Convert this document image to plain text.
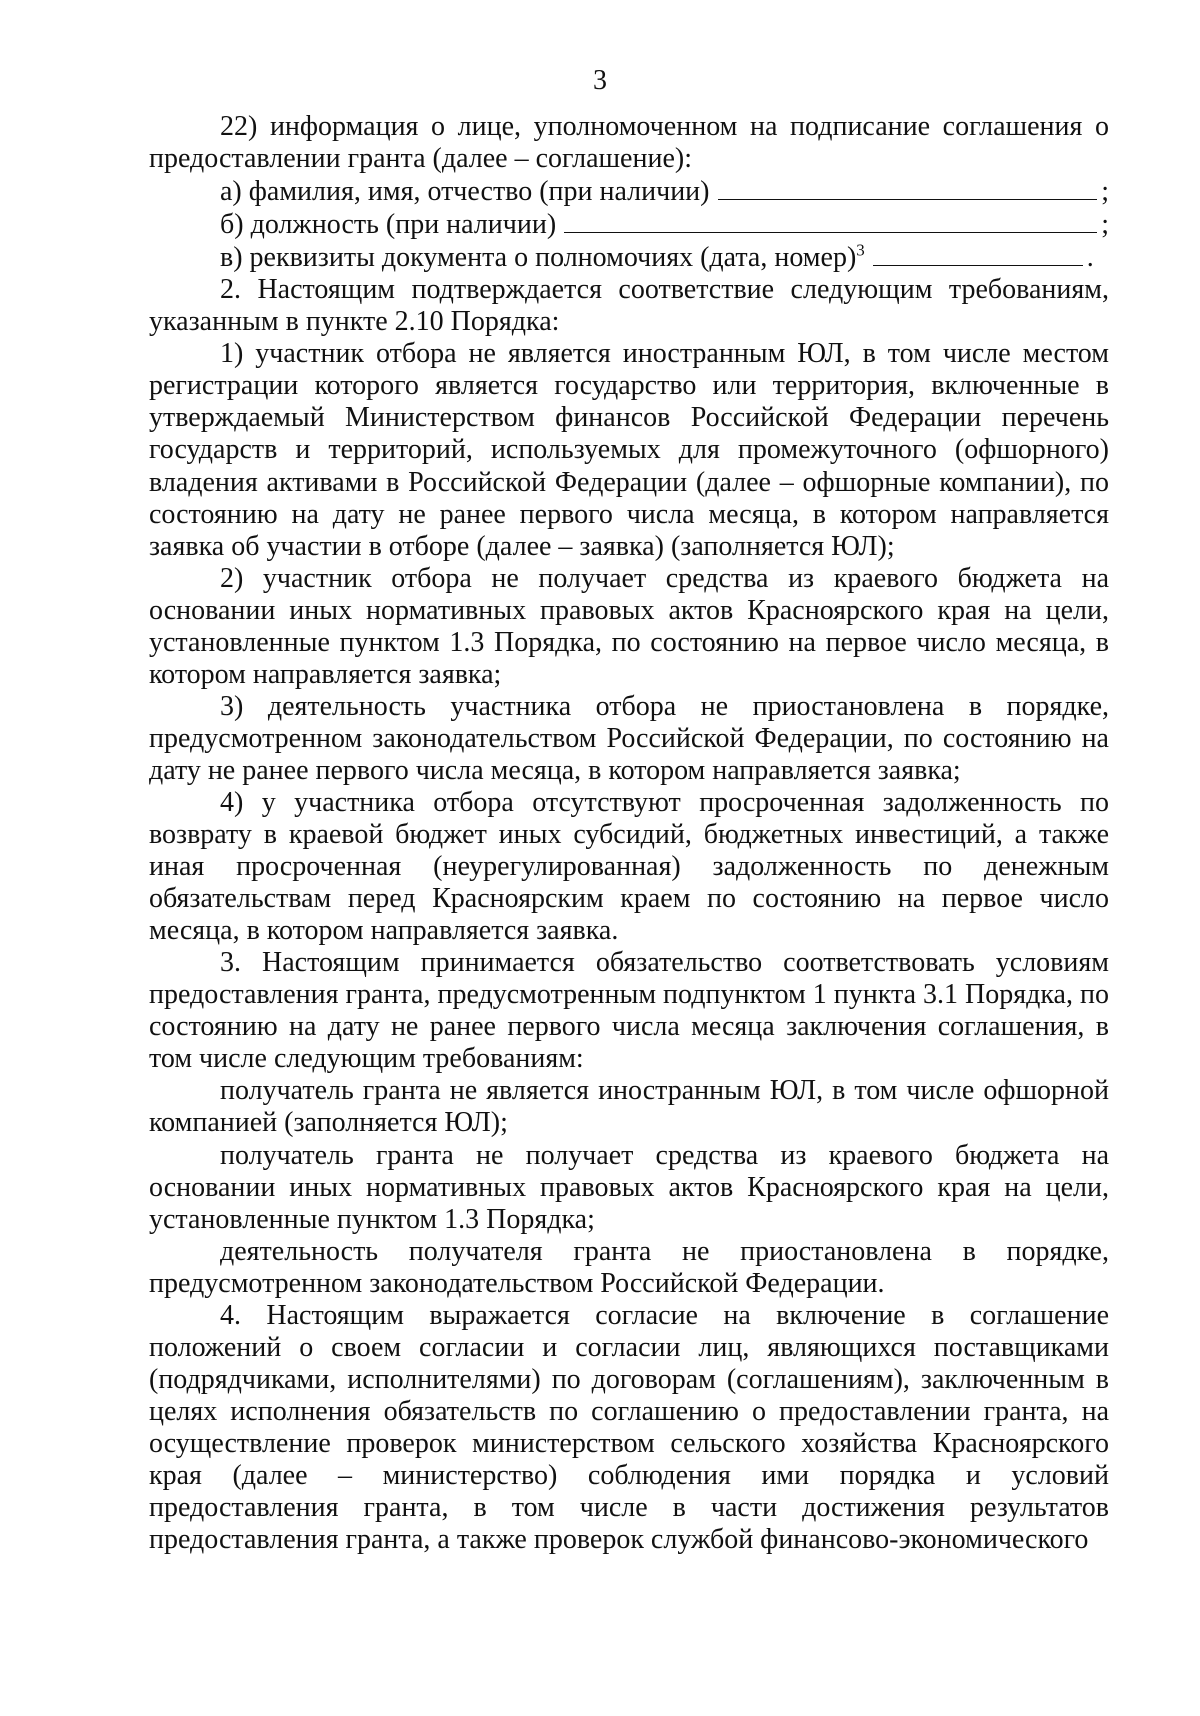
3

22) информация о лице, уполномоченном на подписание соглашения о предоставлении гранта (далее – соглашение):

а) фамилия, имя, отчество (при наличии)	;
б) должность (при наличии)	;
в) реквизиты документа о полномочиях (дата, номер)$^3$	.

2. Настоящим подтверждается соответствие следующим требованиям, указанным в пункте 2.10 Порядка:

1) участник отбора не является иностранным ЮЛ, в том числе местом регистрации которого является государство или территория, включенные в утверждаемый Министерством финансов Российской Федерации перечень государств и территорий, используемых для промежуточного (офшорного) владения активами в Российской Федерации (далее – офшорные компании), по состоянию на дату не ранее первого числа месяца, в котором направляется заявка об участии в отборе (далее – заявка) (заполняется ЮЛ);

2) участник отбора не получает средства из краевого бюджета на основании иных нормативных правовых актов Красноярского края на цели, установленные пунктом 1.3 Порядка, по состоянию на первое число месяца, в котором направляется заявка;

3) деятельность участника отбора не приостановлена в порядке, предусмотренном законодательством Российской Федерации, по состоянию на дату не ранее первого числа месяца, в котором направляется заявка;

4) у участника отбора отсутствуют просроченная задолженность по возврату в краевой бюджет иных субсидий, бюджетных инвестиций, а также иная просроченная (неурегулированная) задолженность по денежным обязательствам перед Красноярским краем по состоянию на первое число месяца, в котором направляется заявка.

3. Настоящим принимается обязательство соответствовать условиям предоставления гранта, предусмотренным подпунктом 1 пункта 3.1 Порядка, по состоянию на дату не ранее первого числа месяца заключения соглашения, в том числе следующим требованиям:

получатель гранта не является иностранным ЮЛ, в том числе офшорной компанией (заполняется ЮЛ);

получатель гранта не получает средства из краевого бюджета на основании иных нормативных правовых актов Красноярского края на цели, установленные пунктом 1.3 Порядка;

деятельность получателя гранта не приостановлена в порядке, предусмотренном законодательством Российской Федерации.

4. Настоящим выражается согласие на включение в соглашение положений о своем согласии и согласии лиц, являющихся поставщиками (подрядчиками, исполнителями) по договорам (соглашениям), заключенным в целях исполнения обязательств по соглашению о предоставлении гранта, на осуществление проверок министерством сельского хозяйства Красноярского края (далее – министерство) соблюдения ими порядка и условий предоставления гранта, в том числе в части достижения результатов предоставления гранта, а также проверок службой финансово-экономического
